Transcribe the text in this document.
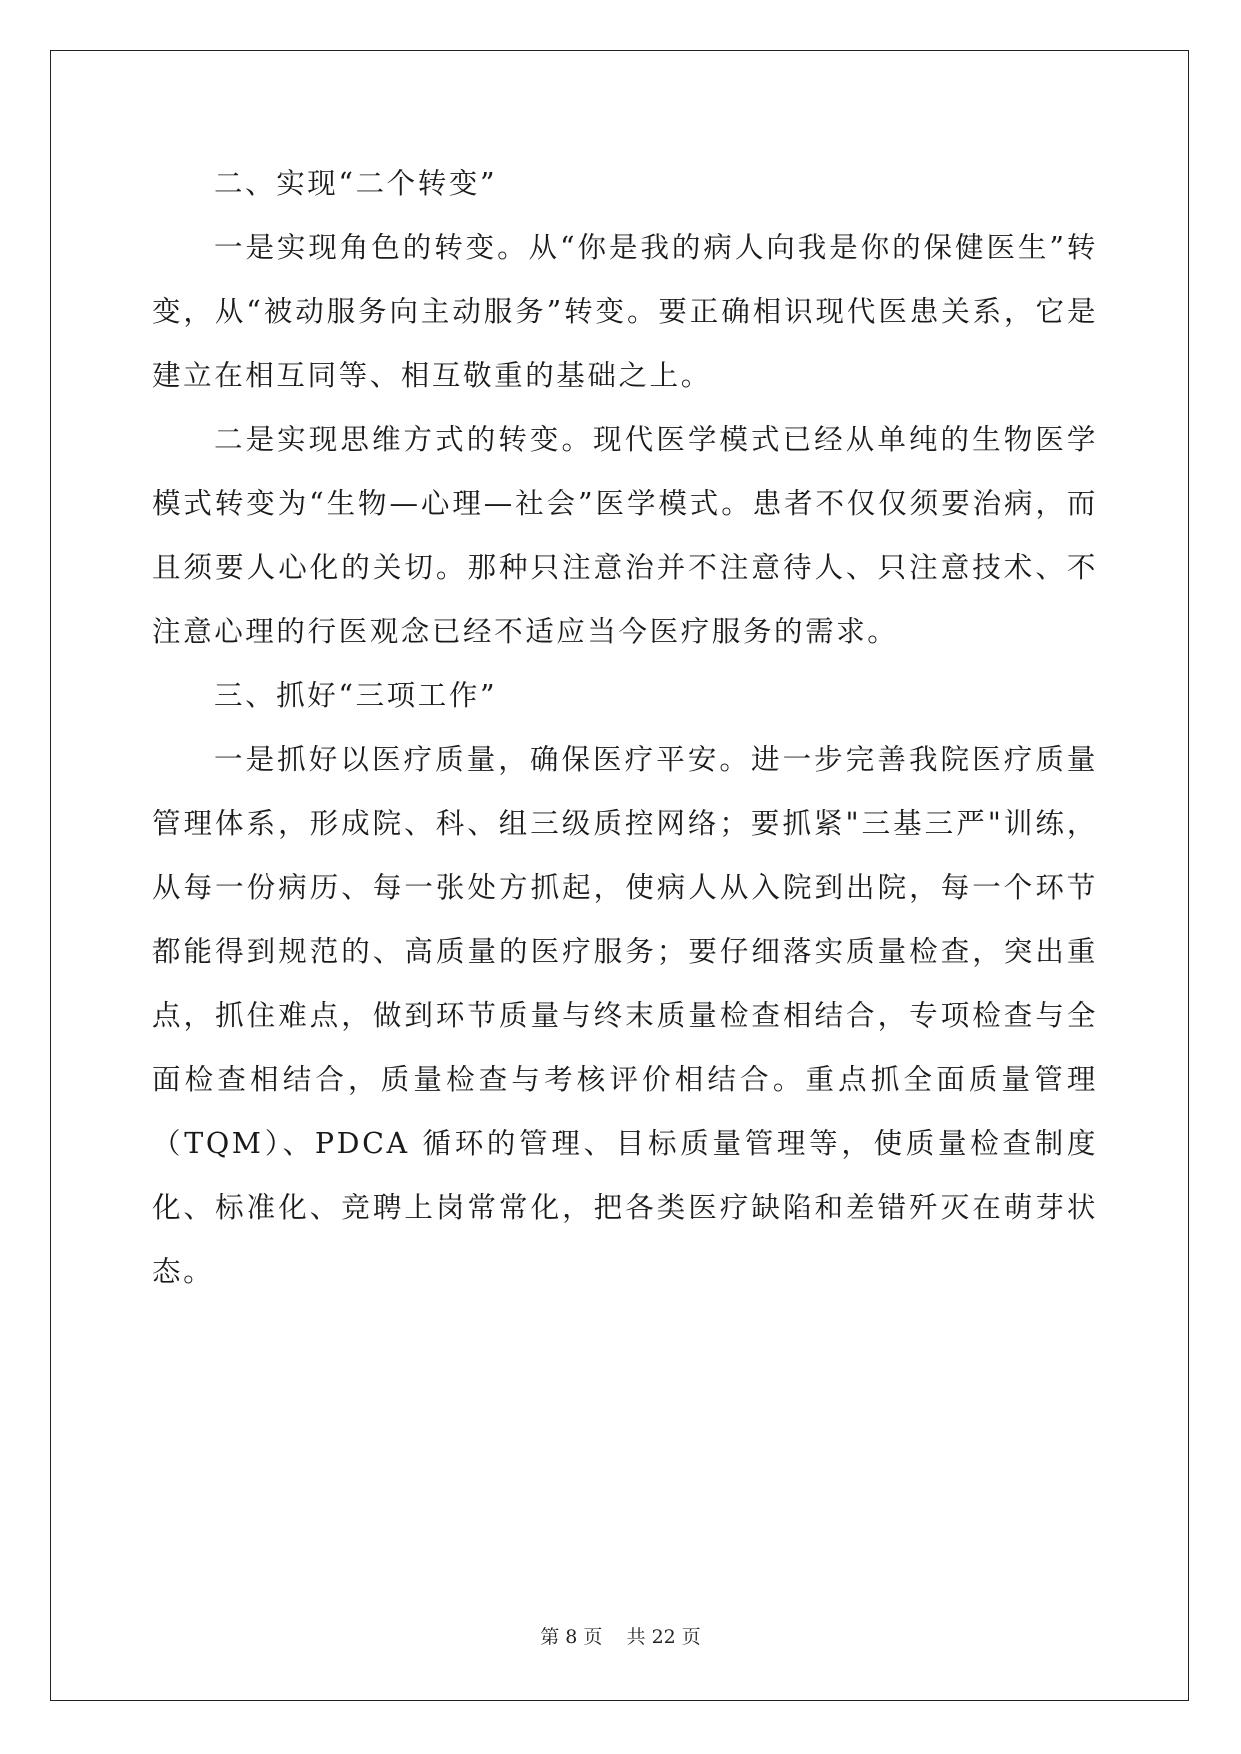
二、实现“二个转变”

一是实现角色的转变。从“你是我的病人向我是你的保健医生”转变，从“被动服务向主动服务”转变。要正确相识现代医患关系，它是建立在相互同等、相互敬重的基础之上。

二是实现思维方式的转变。现代医学模式已经从单纯的生物医学模式转变为“生物—心理—社会”医学模式。患者不仅仅须要治病，而且须要人心化的关切。那种只注意治并不注意待人、只注意技术、不注意心理的行医观念已经不适应当今医疗服务的需求。

三、抓好“三项工作”

一是抓好以医疗质量，确保医疗平安。进一步完善我院医疗质量管理体系，形成院、科、组三级质控网络；要抓紧"三基三严"训练，从每一份病历、每一张处方抓起，使病人从入院到出院，每一个环节都能得到规范的、高质量的医疗服务；要仔细落实质量检查，突出重点，抓住难点，做到环节质量与终末质量检查相结合，专项检查与全面检查相结合，质量检查与考核评价相结合。重点抓全面质量管理（TQM）、PDCA 循环的管理、目标质量管理等，使质量检查制度化、标准化、竞聘上岗常常化，把各类医疗缺陷和差错歼灭在萌芽状态。

第 8 页 共 22 页
